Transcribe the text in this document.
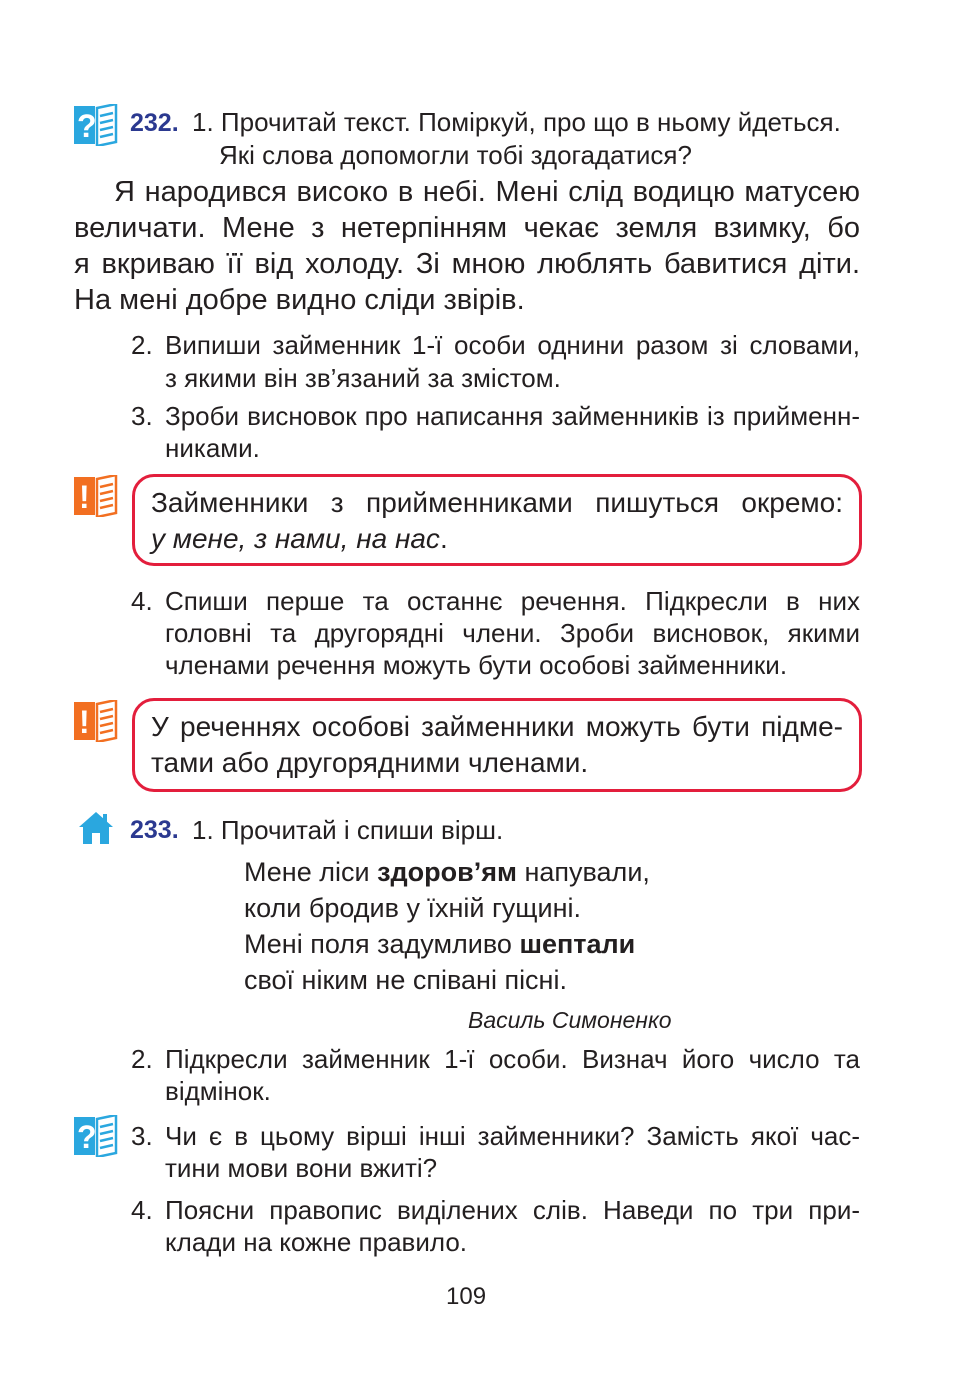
? 232. 1. Прочитай текст. Поміркуй, про що в ньому йдеться.
Які слова допомогли тобі здогадатися?
Я народився високо в небі. Мені слід водицю матусею
величати. Мене з нетерпінням чекає земля взимку, бо
я вкриваю її від холоду. Зі мною люблять бавитися діти.
На мені добре видно сліди звірів.
2. Випиши займенник 1-ї особи однини разом зі словами,
з якими він зв’язаний за змістом.
3. Зроби висновок про написання займенників із прийменн-
никами.
! Займенники з прийменниками пишуться окремо:
у мене, з нами, на нас.
4. Спиши перше та останнє речення. Підкресли в них
головні та другорядні члени. Зроби висновок, якими
членами речення можуть бути особові займенники.
! У реченнях особові займенники можуть бути підме-
тами або другорядними членами.
233. 1. Прочитай і спиши вірш.
Мене ліси здоров’ям напували,
коли бродив у їхній гущині.
Мені поля задумливо шептали
свої ніким не співані пісні.
Василь Симоненко
2. Підкресли займенник 1-ї особи. Визнач його число та
відмінок.
? 3. Чи є в цьому вірші інші займенники? Замість якої час-
тини мови вони вжиті?
4. Поясни правопис виділених слів. Наведи по три при-
клади на кожне правило.
109
